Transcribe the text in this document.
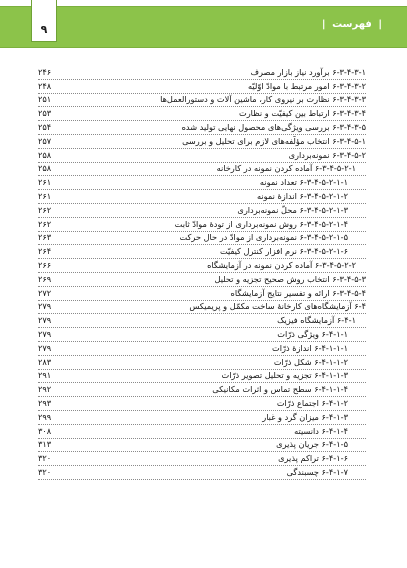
۹	| فهرست |
۶-۳-۴-۳-۱ برآورد نیاز بازار مصرف
۲۴۶
۶-۳-۴-۳-۲ امور مرتبط با موادّ اوّلیّه
۲۴۸
۶-۳-۴-۳-۳ نظارت بر نیروی کار، ماشین آلات و دستورالعمل‌ها
۲۵۱
۶-۳-۴-۳-۴ ارتباط بین کیفیّت و نظارت
۲۵۳
۶-۳-۴-۳-۵ بررسی ویژگی‌های محصول نهایی تولید شده
۲۵۴
۶-۳-۴-۵-۱ انتخاب مؤلّفه‌های لازم برای تحلیل و بررسی
۲۵۷
۶-۳-۴-۵-۲ نمونه‌برداری
۲۵۸
۶-۳-۴-۵-۲-۱ آماده کردن نمونه در کارخانه
۲۵۸
۶-۳-۴-۵-۲-۱-۱ تعداد نمونه
۲۶۱
۶-۳-۴-۵-۲-۱-۲ اندازهٔ نمونه
۲۶۱
۶-۳-۴-۵-۲-۱-۳ محلّ نمونه‌برداری
۲۶۲
۶-۳-۴-۵-۲-۱-۴ روش نمونه‌برداری از تودهٔ موادّ ثابت
۲۶۲
۶-۳-۴-۵-۲-۱-۵ نمونه‌برداری از موادّ در حال حرکت
۲۶۳
۶-۳-۴-۵-۲-۱-۶ نرم افزار کنترل کیفیّت
۲۶۴
۶-۳-۴-۵-۲-۲ آماده کردن نمونه در آزمایشگاه
۲۶۶
۶-۳-۴-۵-۳ انتخاب روش صحیح تجزیه و تحلیل
۲۶۹
۶-۳-۴-۵-۴ ارائه و تفسیر نتایج آزمایشگاه
۲۷۲
۶-۴ آزمایشگاه‌های کارخانهٔ ساخت مکمّل و پریمیکس
۲۷۹
۶-۴-۱ آزمایشگاه فیزیک
۲۷۹
۶-۴-۱-۱ ویژگی ذرّات
۲۷۹
۶-۴-۱-۱-۱ اندازهٔ ذرّات
۲۷۹
۶-۴-۱-۱-۲ شکل ذرّات
۲۸۳
۶-۴-۱-۱-۳ تجزیه و تحلیل تصویر ذرّات
۲۹۱
۶-۴-۱-۱-۴ سطح تماس و اثرات مکانیکی
۲۹۲
۶-۴-۱-۲ اجتماع ذرّات
۲۹۳
۶-۴-۱-۳ میزان گرد و غبار
۲۹۹
۶-۴-۱-۴ دانسیته
۳۰۸
۶-۴-۱-۵ جریان پذیری
۳۱۳
۶-۴-۱-۶ تراکم پذیری
۳۲۰
۶-۴-۱-۷ چسبندگی
۳۲۰
